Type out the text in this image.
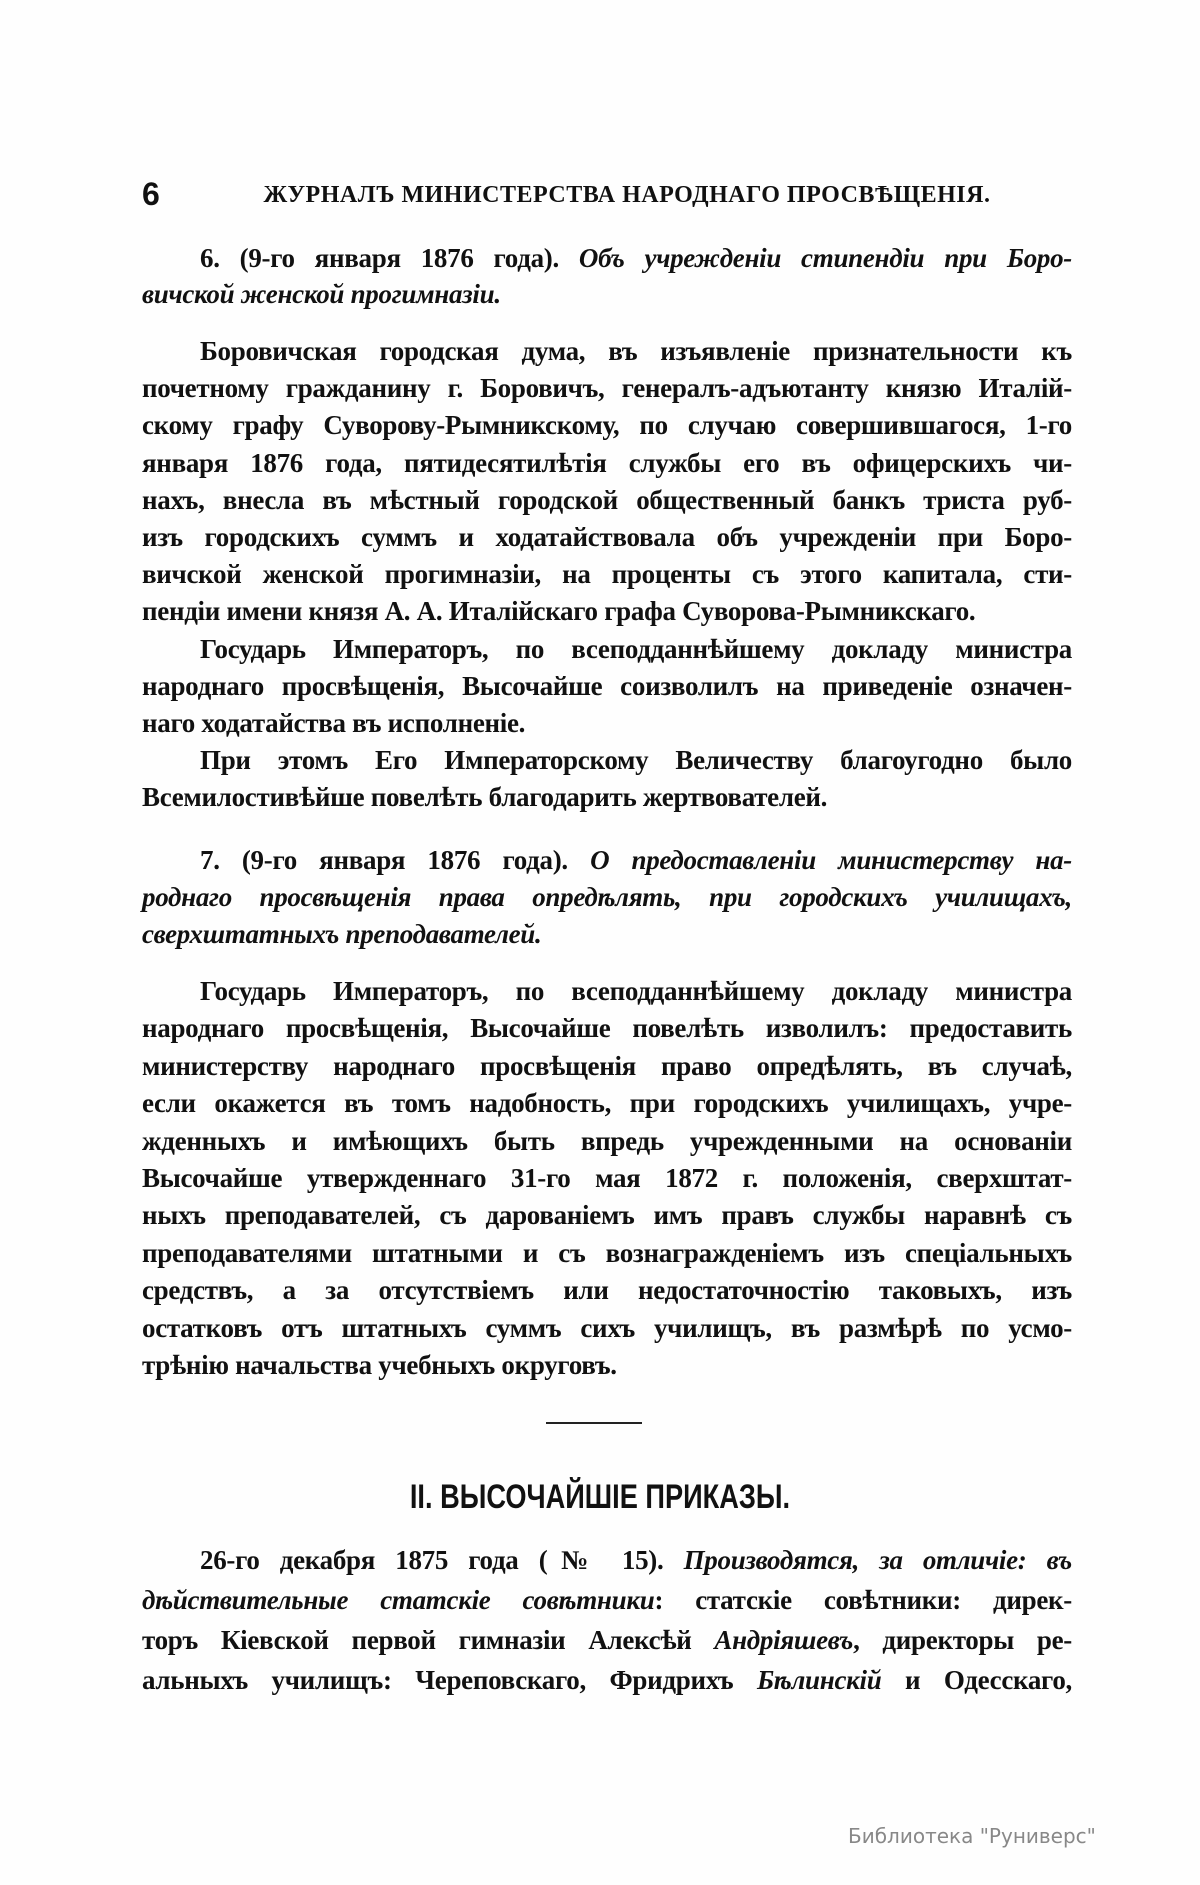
6	ЖУРНАЛЪ МИНИСТЕРСТВА НАРОДНАГО ПРОСВѢЩЕНІЯ.
6. (9-го января 1876 года). Объ учрежденіи стипендіи при Боро-
вичской женской прогимназіи.
Боровичская городская дума, въ изъявленіе признательности къ
почетному гражданину г. Боровичъ, генералъ-адъютанту князю Италій-
скому графу Суворову-Рымникскому, по случаю совершившагося, 1-го
января 1876 года, пятидесятилѣтія службы его въ офицерскихъ чи-
нахъ, внесла въ мѣстный городской общественный банкъ триста руб-
изъ городскихъ суммъ и ходатайствовала объ учрежденіи при Боро-
вичской женской прогимназіи, на проценты съ этого капитала, сти-
пендіи имени князя А. А. Италійскаго графа Суворова-Рымникскаго.
Государь Императоръ, по всеподданнѣйшему докладу министра
народнаго просвѣщенія, Высочайше соизволилъ на приведеніе означен-
наго ходатайства въ исполненіе.
При этомъ Его Императорскому Величеству благоугодно было
Всемилостивѣйше повелѣть благодарить жертвователей.
7. (9-го января 1876 года). О предоставленіи министерству на-
роднаго просвѣщенія права опредѣлять, при городскихъ училищахъ,
сверхштатныхъ преподавателей.
Государь Императоръ, по всеподданнѣйшему докладу министра
народнаго просвѣщенія, Высочайше повелѣть изволилъ: предоставить
министерству народнаго просвѣщенія право опредѣлять, въ случаѣ,
если окажется въ томъ надобность, при городскихъ училищахъ, учре-
жденныхъ и имѣющихъ быть впредь учрежденными на основаніи
Высочайше утвержденнаго 31-го мая 1872 г. положенія, сверхштат-
ныхъ преподавателей, съ дарованіемъ имъ правъ службы наравнѣ съ
преподавателями штатными и съ вознагражденіемъ изъ спеціальныхъ
средствъ, а за отсутствіемъ или недостаточностію таковыхъ, изъ
остатковъ отъ штатныхъ суммъ сихъ училищъ, въ размѣрѣ по усмо-
трѣнію начальства учебныхъ округовъ.
II. ВЫСОЧАЙШІЕ ПРИКАЗЫ.
26-го декабря 1875 года (№ 15). Производятся, за отличіе: въ
дѣйствительные статскіе совѣтники: статскіе совѣтники: дирек-
торъ Кіевской первой гимназіи Алексѣй Андріяшевъ, директоры ре-
альныхъ училищъ: Череповскаго, Фридрихъ Бѣлинскій и Одесскаго,
Библиотека "Руниверс"
